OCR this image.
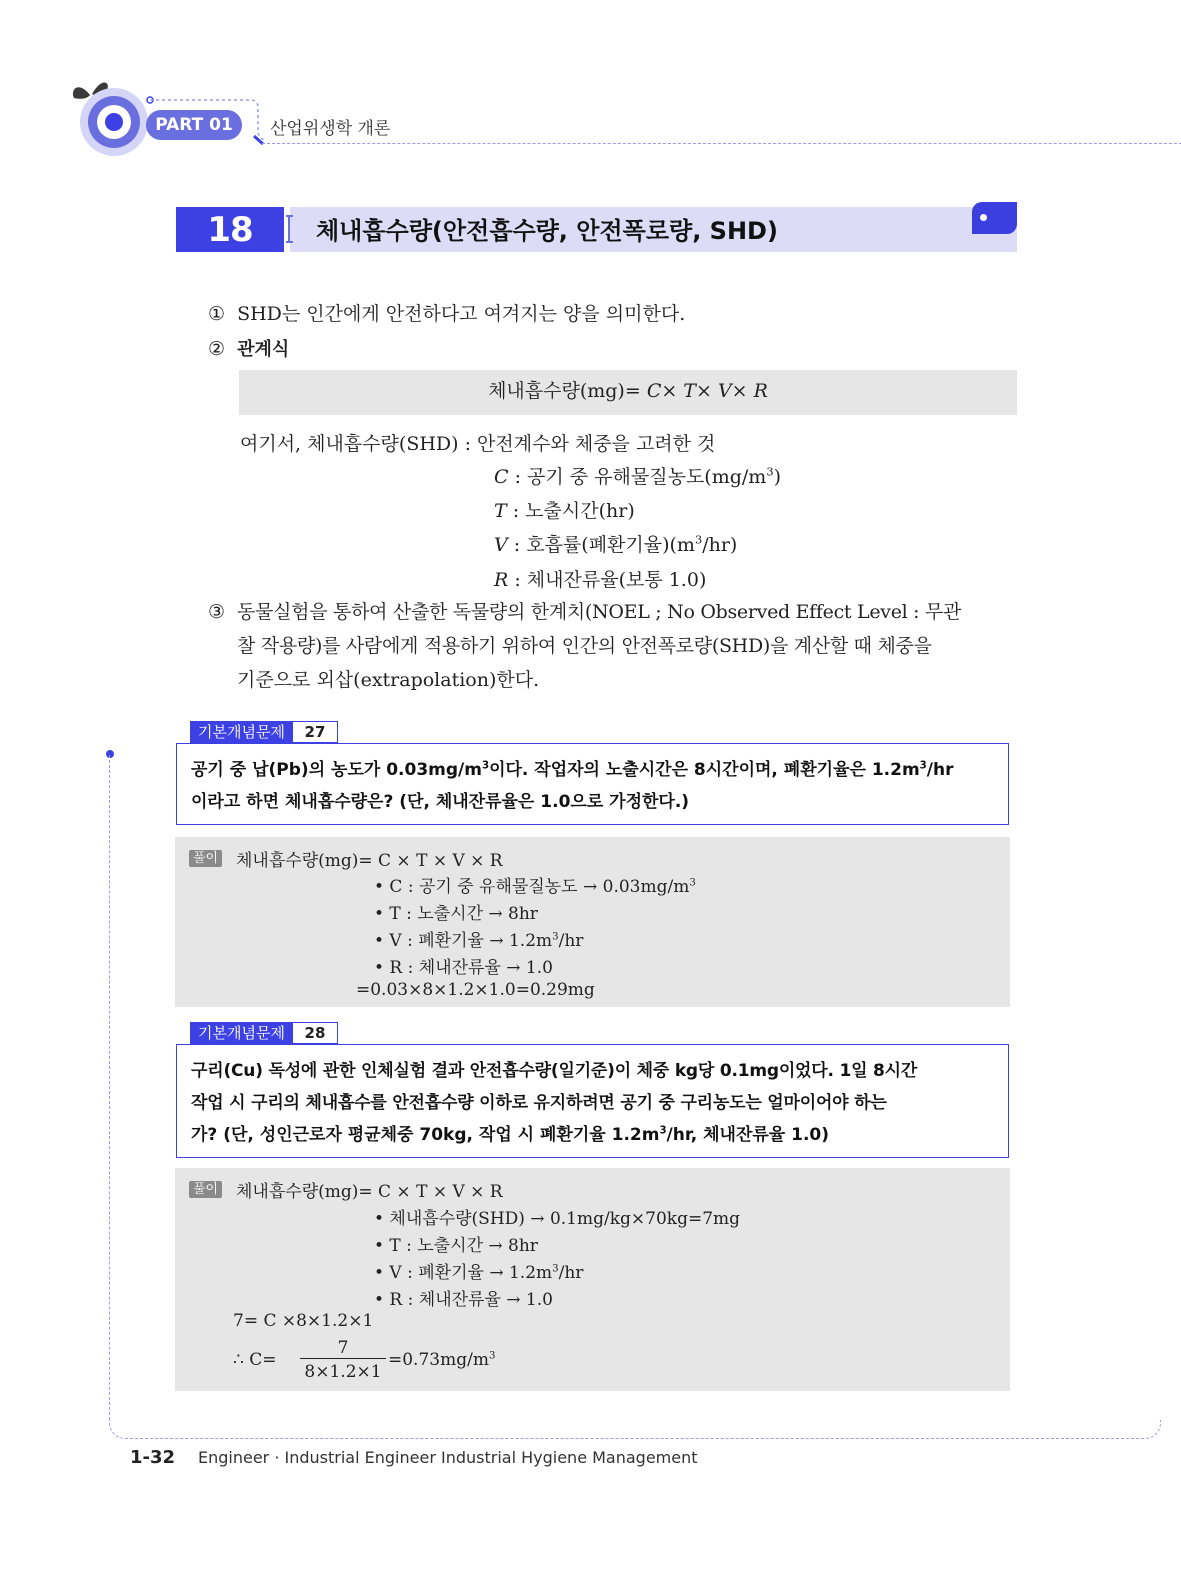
PART 01	산업위생학 개론
18	체내흡수량(안전흡수량, 안전폭로량, SHD)
① SHD는 인간에게 안전하다고 여겨지는 양을 의미한다.
② 관계식
체내흡수량(mg)= C× T× V× R
여기서, 체내흡수량(SHD) : 안전계수와 체중을 고려한 것
C : 공기 중 유해물질농도$(mg/m^3)$
T : 노출시간(hr)
V : 호흡률(폐환기율)$(m^3/hr)$
R : 체내잔류율(보통 1.0)
③ 동물실험을 통하여 산출한 독물량의 한계치(NOEL ; No Observed Effect Level : 무관
찰 작용량)를 사람에게 적용하기 위하여 인간의 안전폭로량(SHD)을 계산할 때 체중을
기준으로 외삽(extrapolation)한다.
기본개념문제	27
공기 중 납(Pb)의 농도가 $0.03mg/m^3$이다. 작업자의 노출시간은 8시간이며, 폐환기율은 $1.2m^3/hr$
이라고 하면 체내흡수량은? (단, 체내잔류율은 1.0으로 가정한다.)
풀이 체내흡수량(mg)= C × T × V × R
• C : 공기 중 유해물질농도 → $0.03mg/m^3$
• T : 노출시간 → 8hr
• V : 폐환기율 → $1.2m^3/hr$
• R : 체내잔류율 → 1.0
=0.03×8×1.2×1.0=0.29mg
기본개념문제	28
구리(Cu) 독성에 관한 인체실험 결과 안전흡수량(일기준)이 체중 kg당 0.1mg이었다. 1일 8시간
작업 시 구리의 체내흡수를 안전흡수량 이하로 유지하려면 공기 중 구리농도는 얼마이어야 하는
가? (단, 성인근로자 평균체중 70kg, 작업 시 폐환기율 $1.2m^3/hr$, 체내잔류율 1.0)
풀이 체내흡수량(mg)= C × T × V × R
• 체내흡수량(SHD) → 0.1mg/kg×70kg=7mg
• T : 노출시간 → 8hr
• V : 폐환기율 → $1.2m^3/hr$
• R : 체내잔류율 → 1.0
7= C ×8×1.2×1
∴ C=
7
8×1.2×1
$=0.73mg/m^3$
1-32 Engineer · Industrial Engineer Industrial Hygiene Management
